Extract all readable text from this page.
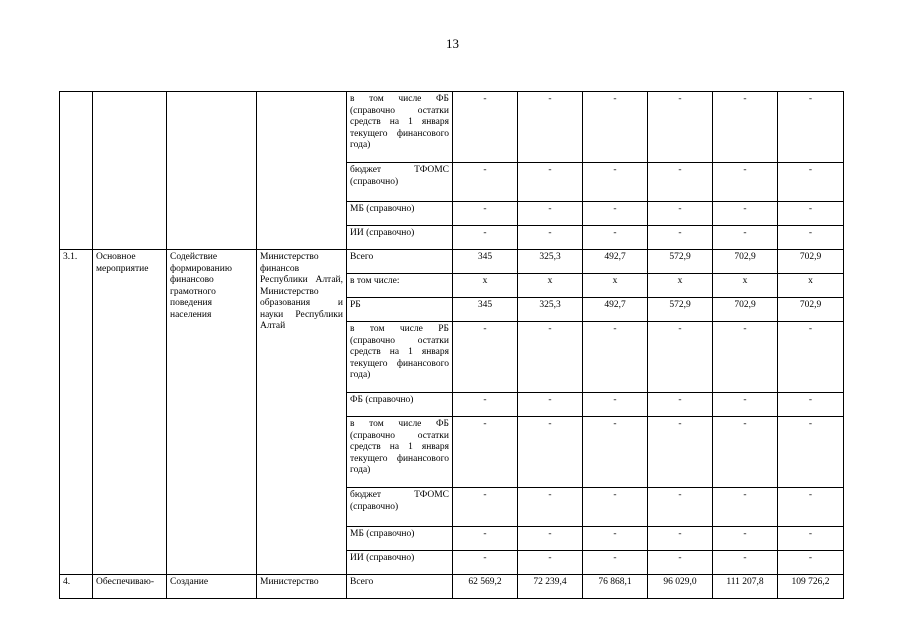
13
				в том числе ФБ (справочно остатки средств на 1 января текущего финансового года)	-	-	-	-	-	-
				бюджет ТФОМС (справочно)	-	-	-	-	-	-
				МБ (справочно)	-	-	-	-	-	-
				ИИ (справочно)	-	-	-	-	-	-
3.1.	Основное мероприятие	Содействие формированию финансово грамотного поведения населения	Министерство финансов Республики Алтай, Министерство образования и науки Республики Алтай	Всего	345	325,3	492,7	572,9	702,9	702,9
				в том числе:	x	x	x	x	x	x
				РБ	345	325,3	492,7	572,9	702,9	702,9
				в том числе РБ (справочно остатки средств на 1 января текущего финансового года)	-	-	-	-	-	-
				ФБ (справочно)	-	-	-	-	-	-
				в том числе ФБ (справочно остатки средств на 1 января текущего финансового года)	-	-	-	-	-	-
				бюджет ТФОМС (справочно)	-	-	-	-	-	-
				МБ (справочно)	-	-	-	-	-	-
				ИИ (справочно)	-	-	-	-	-	-
4.	Обеспечиваю-	Создание	Министерство	Всего	62 569,2	72 239,4	76 868,1	96 029,0	111 207,8	109 726,2
